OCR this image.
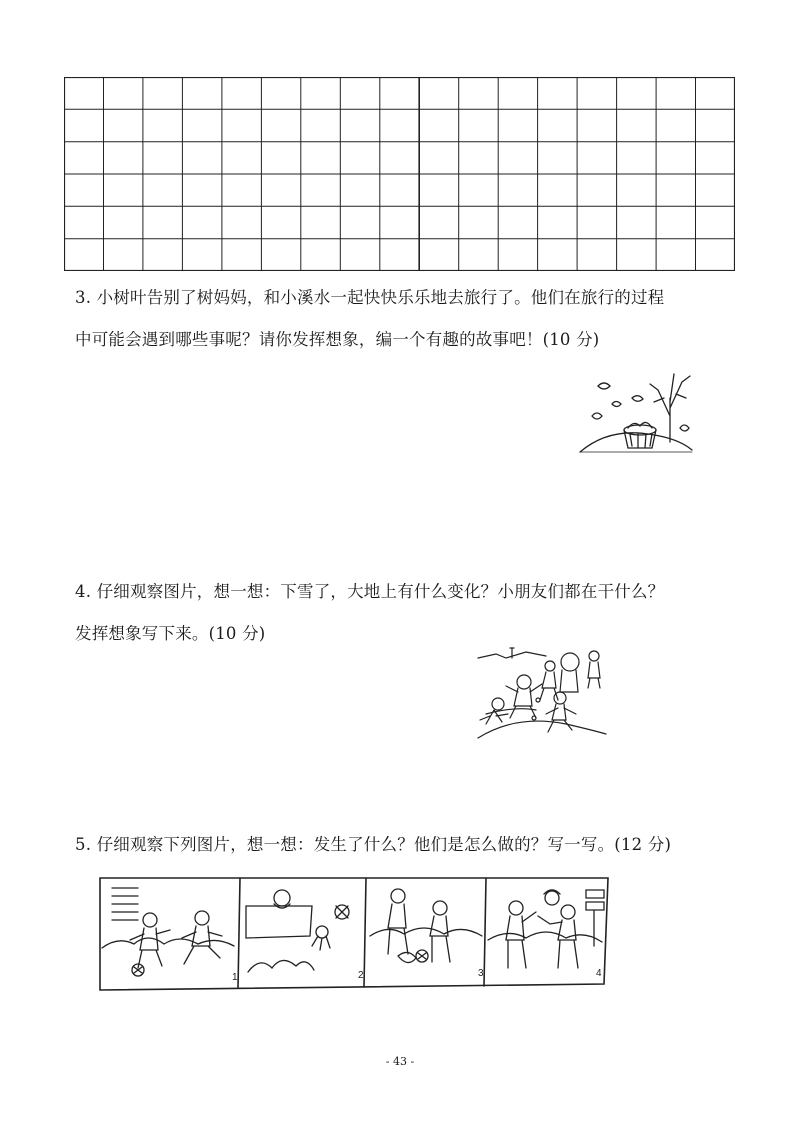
3. 小树叶告别了树妈妈，和小溪水一起快快乐乐地去旅行了。他们在旅行的过程
中可能会遇到哪些事呢？请你发挥想象，编一个有趣的故事吧！(10 分)
4. 仔细观察图片，想一想：下雪了，大地上有什么变化？小朋友们都在干什么？
发挥想象写下来。(10 分)
5. 仔细观察下列图片，想一想：发生了什么？他们是怎么做的？写一写。(12 分)
1	2	3	4
- 43 -
